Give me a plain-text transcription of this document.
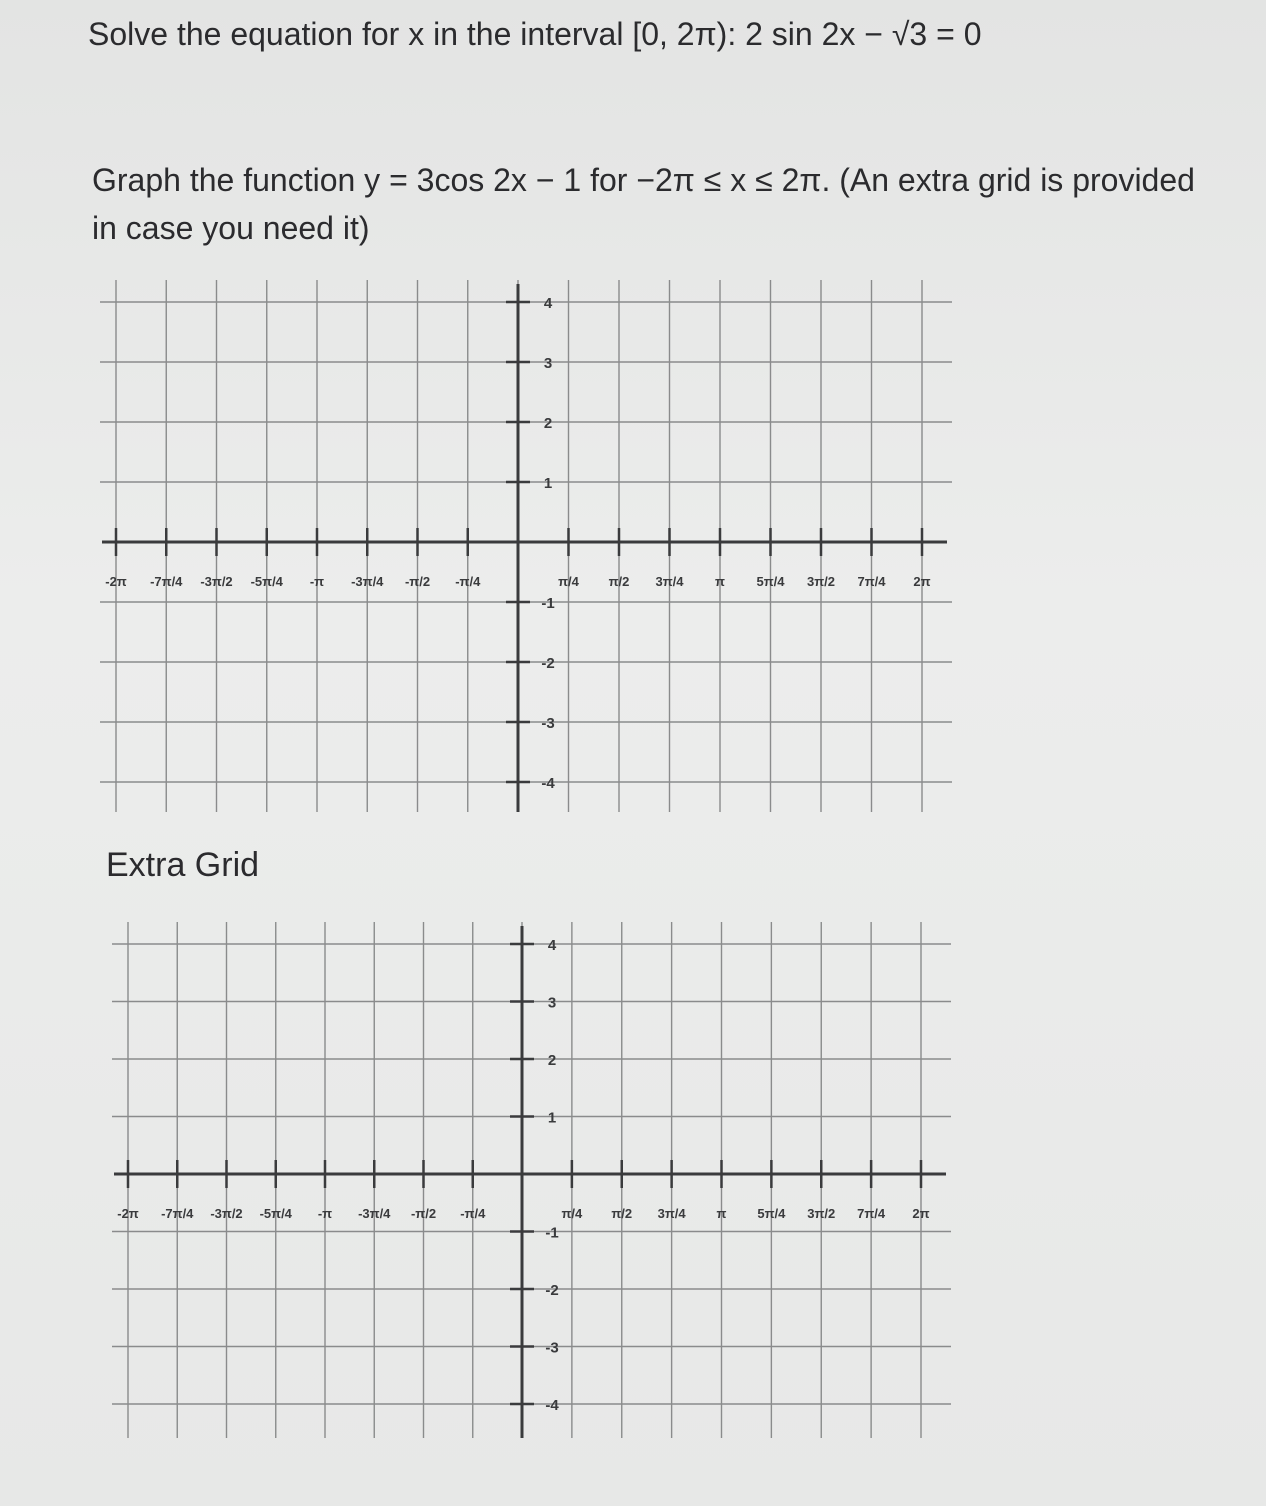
Solve the equation for x in the interval [0, 2π): 2 sin 2x − √3 = 0
Graph the function y = 3cos 2x − 1 for −2π ≤ x ≤ 2π. (An extra grid is provided in case you need it)
-2π -7π/4 -3π/2 -5π/4 -π -3π/4 -π/2 -π/4	π/4 π/2 3π/4 π 5π/4 3π/2 7π/4 2π
4
3
2
1
-1
-2
-3
-4
Extra Grid
-2π -7π/4 -3π/2 -5π/4 -π -3π/4 -π/2 -π/4	π/4 π/2 3π/4 π 5π/4 3π/2 7π/4 2π
4
3
2
1
-1
-2
-3
-4
